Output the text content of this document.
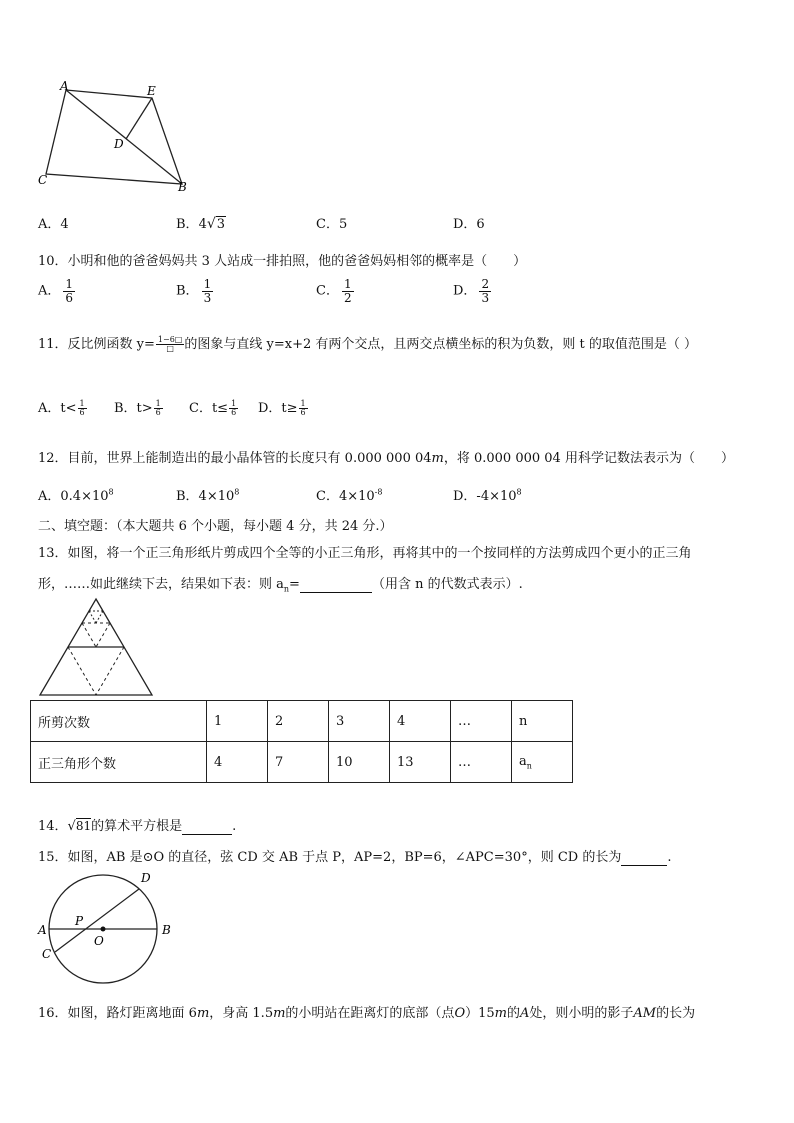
A	E
D
C	B
A．4	B．4√3	C．5	D．6
10．小明和他的爸爸妈妈共 3 人站成一排拍照，他的爸爸妈妈相邻的概率是（　　）
A． $\frac{1}{6}$	B． $\frac{1}{3}$	C． $\frac{1}{2}$	D． $\frac{2}{3}$
11．反比例函数 $y= \frac{1-6□}{□}$ 的图象与直线 y=x+2 有两个交点，且两交点横坐标的积为负数，则 t 的取值范围是（ ）
A．$t< \frac{1}{6}$ B．$t> \frac{1}{6}$ C．$t\le \frac{1}{6}$ D．$t\ge \frac{1}{6}$
12．目前，世界上能制造出的最小晶体管的长度只有 0.000 000 04m，将 0.000 000 04 用科学记数法表示为（　　）
A．$0.4\times 10^8$	B．$4\times 10^8$	C．$4\times 10^{-8}$	D．$-4\times 10^8$
二、填空题：（本大题共 6 个小题，每小题 4 分，共 24 分.）
13．如图，将一个正三角形纸片剪成四个全等的小正三角形，再将其中的一个按同样的方法剪成四个更小的正三角
形，……如此继续下去，结果如下表：则 $a_n=$	（用含 n 的代数式表示）.
所剪次数	1	2	3	4	…	n
正三角形个数	4	7	10	13	…	$a_n$
14．√81的算术平方根是	.
15．如图，AB 是⊙O 的直径，弦 CD 交 AB 于点 P，AP=2，BP=6，∠APC=30°，则 CD 的长为	.
D
P
A
O
B
C
16．如图，路灯距离地面 6m，身高 1.5m的小明站在距离灯的底部（点O）15m的A处，则小明的影子AM的长为
